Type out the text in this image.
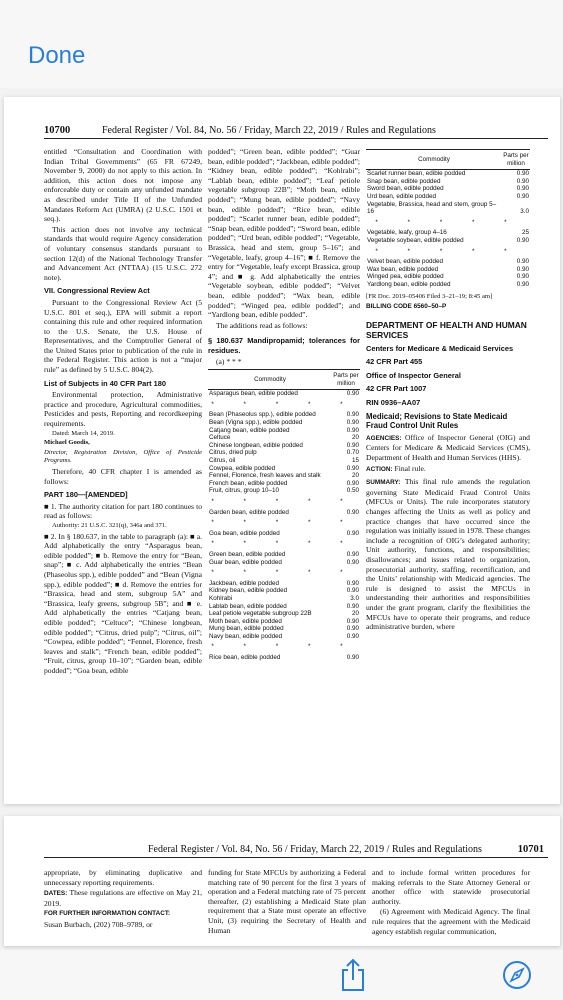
Done
10700	Federal Register / Vol. 84, No. 56 / Friday, March 22, 2019 / Rules and Regulations

entitled “Consultation and Coordination with Indian Tribal Governments” (65 FR 67249, November 9, 2000) do not apply to this action. In addition, this action does not impose any enforceable duty or contain any unfunded mandate as described under Title II of the Unfunded Mandates Reform Act (UMRA) (2 U.S.C. 1501 et seq.).

This action does not involve any technical standards that would require Agency consideration of voluntary consensus standards pursuant to section 12(d) of the National Technology Transfer and Advancement Act (NTTAA) (15 U.S.C. 272 note).

VII. Congressional Review Act

Pursuant to the Congressional Review Act (5 U.S.C. 801 et seq.), EPA will submit a report containing this rule and other required information to the U.S. Senate, the U.S. House of Representatives, and the Comptroller General of the United States prior to publication of the rule in the Federal Register. This action is not a “major rule” as defined by 5 U.S.C. 804(2).

List of Subjects in 40 CFR Part 180

Environmental protection, Administrative practice and procedure, Agricultural commodities, Pesticides and pests, Reporting and recordkeeping requirements.

Dated: March 14, 2019.

Michael Goodis,

Director, Registration Division, Office of Pesticide Programs.

Therefore, 40 CFR chapter I is amended as follows:

PART 180—[AMENDED]

■ 1. The authority citation for part 180 continues to read as follows:

Authority: 21 U.S.C. 321(q), 346a and 371.

■ 2. In § 180.637, in the table to paragraph (a): ■ a. Add alphabetically the entry “Asparagus bean, edible podded”; ■ b. Remove the entry for “Bean, snap”; ■ c. Add alphabetically the entries “Bean (Phaseolus spp.), edible podded” and “Bean (Vigna spp.), edible podded”; ■ d. Remove the entries for “Brassica, head and stem, subgroup 5A” and “Brassica, leafy greens, subgroup 5B”; and ■ e. Add alphabetically the entries “Catjang bean, edible podded”; “Celtuce”; “Chinese longbean, edible podded”; “Citrus, dried pulp”; “Citrus, oil”; “Cowpea, edible podded”; “Fennel, Florence, fresh leaves and stalk”; “French bean, edible podded”; “Fruit, citrus, group 10–10”; “Garden bean, edible podded”; “Goa bean, edible

podded”; “Green bean, edible podded”; “Guar bean, edible podded”; “Jackbean, edible podded”; “Kidney bean, edible podded”; “Kohlrabi”; “Lablab bean, edible podded”; “Leaf petiole vegetable subgroup 22B”; “Moth bean, edible podded”; “Mung bean, edible podded”; “Navy bean, edible podded”; “Rice bean, edible podded”; “Scarlet runner bean, edible podded”; “Snap bean, edible podded”; “Sword bean, edible podded”; “Urd bean, edible podded”; “Vegetable, Brassica, head and stem, group 5–16”; and “Vegetable, leafy, group 4–16”; ■ f. Remove the entry for “Vegetable, leafy except Brassica, group 4”; and ■ g. Add alphabetically the entries “Vegetable soybean, edible podded”; “Velvet bean, edible podded”; “Wax bean, edible podded”; “Winged pea, edible podded”; and “Yardlong bean, edible podded”.

The additions read as follows:

§ 180.637 Mandipropamid; tolerances for residues.

(a) * * *

Commodity	Parts per million
Asparagus bean, edible podded	0.90
* * * * *	
Bean (Phaseolus spp.), edible podded	0.90
Bean (Vigna spp.), edible podded	0.90
Catjang bean, edible podded	0.90
Celtuce	20
Chinese longbean, edible podded	0.90
Citrus, dried pulp	0.70
Citrus, oil	15
Cowpea, edible podded	0.90
Fennel, Florence, fresh leaves and stalk	20
French bean, edible podded	0.90
Fruit, citrus, group 10–10	0.50
* * * * *	
Garden bean, edible podded	0.90
* * * * *	
Goa bean, edible podded	0.90
* * * * *	
Green bean, edible podded	0.90
Guar bean, edible podded	0.90
* * * * *	
Jackbean, edible podded	0.90
Kidney bean, edible podded	0.90
Kohlrabi	3.0
Lablab bean, edible podded	0.90
Leaf petiole vegetable subgroup 22B	20
Moth bean, edible podded	0.90
Mung bean, edible podded	0.90
Navy bean, edible podded	0.90
* * * * *	
Rice bean, edible podded	0.90
Commodity	Parts per million
Scarlet runner bean, edible podded	0.90
Snap bean, edible podded	0.90
Sword bean, edible podded	0.90
Urd bean, edible podded	0.90
Vegetable, Brassica, head and stem, group 5–16	3.0
* * * * *	
Vegetable, leafy, group 4–16	25
Vegetable soybean, edible podded	0.90
* * * * *	
Velvet bean, edible podded	0.90
Wax bean, edible podded	0.90
Winged pea, edible podded	0.90
Yardlong bean, edible podded	0.90

[FR Doc. 2019–05406 Filed 3–21–19; 8:45 am]

BILLING CODE 6560–50–P

DEPARTMENT OF HEALTH AND HUMAN SERVICES
Centers for Medicare & Medicaid Services
42 CFR Part 455
Office of Inspector General
42 CFR Part 1007
RIN 0936–AA07
Medicaid; Revisions to State Medicaid Fraud Control Unit Rules

AGENCIES: Office of Inspector General (OIG) and Centers for Medicare & Medicaid Services (CMS), Department of Health and Human Services (HHS).

ACTION: Final rule.

SUMMARY: This final rule amends the regulation governing State Medicaid Fraud Control Units (MFCUs or Units). The rule incorporates statutory changes affecting the Units as well as policy and practice changes that have occurred since the regulation was initially issued in 1978. These changes include a recognition of OIG’s delegated authority; Unit authority, functions, and responsibilities; disallowances; and issues related to organization, prosecutorial authority, staffing, recertification, and the Units’ relationship with Medicaid agencies. The rule is designed to assist the MFCUs in understanding their authorities and responsibilities under the grant program, clarify the flexibilities the MFCUs have to operate their programs, and reduce administrative burden, where

Federal Register / Vol. 84, No. 56 / Friday, March 22, 2019 / Rules and Regulations	10701

appropriate, by eliminating duplicative and unnecessary reporting requirements.

DATES: These regulations are effective on May 21, 2019.

FOR FURTHER INFORMATION CONTACT:

Susan Burbach, (202) 708–9789, or

funding for State MFCUs by authorizing a Federal matching rate of 90 percent for the first 3 years of operation and a Federal matching rate of 75 percent thereafter, (2) establishing a Medicaid State plan requirement that a State must operate an effective Unit, (3) requiring the Secretary of Health and Human

and to include formal written procedures for making referrals to the State Attorney General or another office with statewide prosecutorial authority.

(6) Agreement with Medicaid Agency. The final rule requires that the agreement with the Medicaid agency establish regular communication,
